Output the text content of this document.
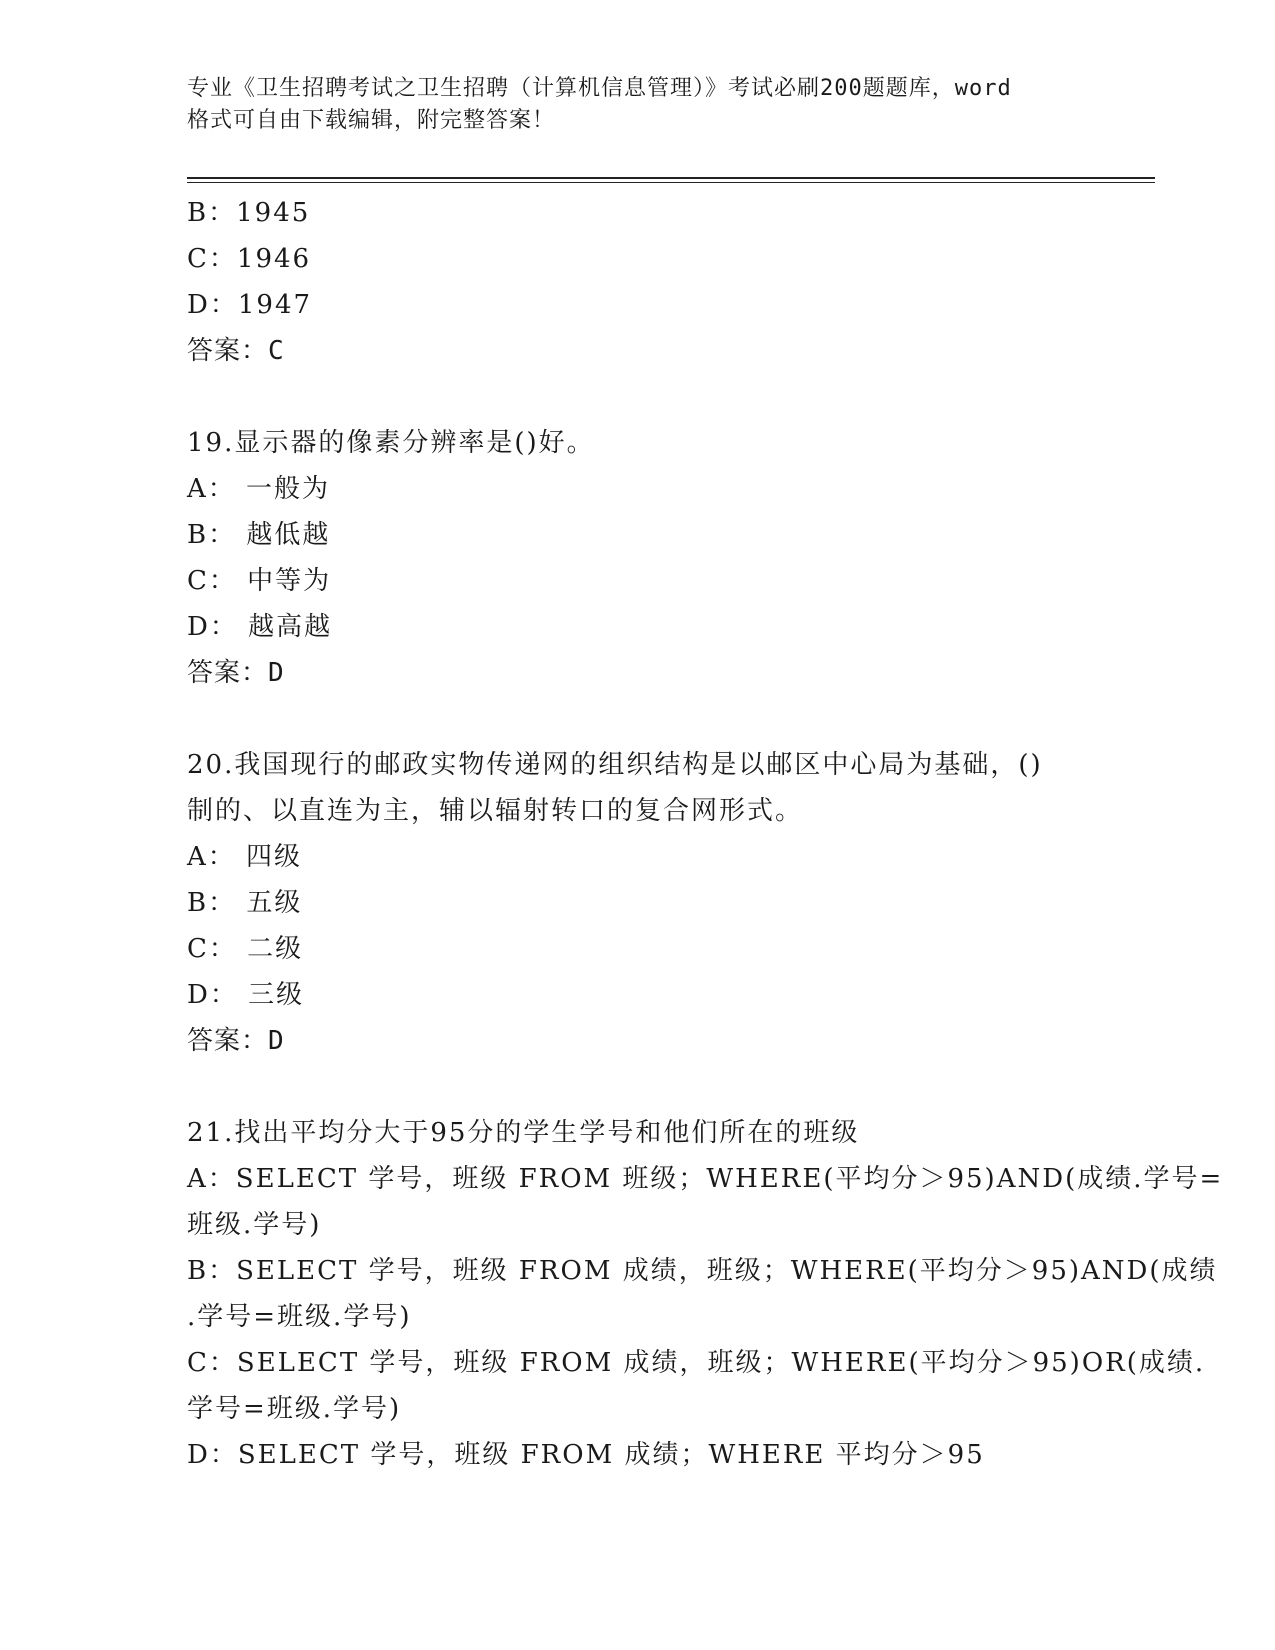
专业《卫生招聘考试之卫生招聘（计算机信息管理）》考试必刷200题题库，word
格式可自由下载编辑，附完整答案！
B：1945
C：1946
D：1947
答案：C
19.显示器的像素分辨率是()好。
A： 一般为
B： 越低越
C： 中等为
D： 越高越
答案：D
20.我国现行的邮政实物传递网的组织结构是以邮区中心局为基础，()
制的、以直连为主，辅以辐射转口的复合网形式。
A： 四级
B： 五级
C： 二级
D： 三级
答案：D
21.找出平均分大于95分的学生学号和他们所在的班级
A：SELECT 学号，班级 FROM 班级；WHERE(平均分＞95)AND(成绩.学号=
班级.学号)
B：SELECT 学号，班级 FROM 成绩，班级；WHERE(平均分＞95)AND(成绩
.学号=班级.学号)
C：SELECT 学号，班级 FROM 成绩，班级；WHERE(平均分＞95)OR(成绩.
学号=班级.学号)
D：SELECT 学号，班级 FROM 成绩；WHERE 平均分＞95
